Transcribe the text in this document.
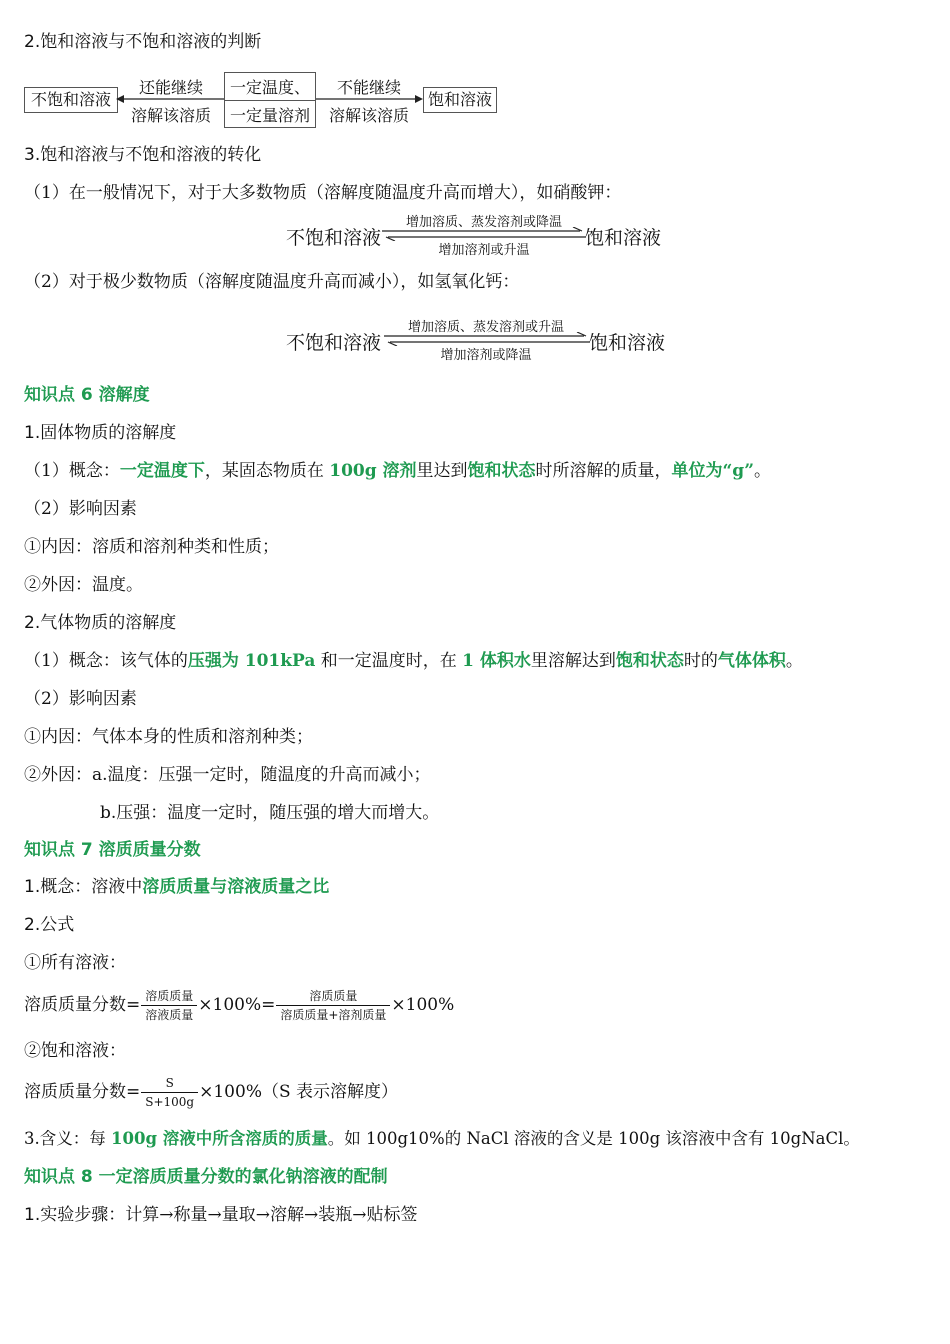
2.饱和溶液与不饱和溶液的判断
不饱和溶液
还能继续
溶解该溶质
一定温度、
一定量溶剂
不能继续
溶解该溶质
饱和溶液
3.饱和溶液与不饱和溶液的转化
（1）在一般情况下，对于大多数物质（溶解度随温度升高而增大），如硝酸钾：
不饱和溶液
增加溶质、蒸发溶剂或降温
增加溶剂或升温
饱和溶液
（2）对于极少数物质（溶解度随温度升高而减小），如氢氧化钙：
不饱和溶液
增加溶质、蒸发溶剂或升温
增加溶剂或降温
饱和溶液
知识点 6 溶解度
1.固体物质的溶解度
（1）概念：一定温度下，某固态物质在 100g 溶剂里达到饱和状态时所溶解的质量，单位为“g”。
（2）影响因素
①内因：溶质和溶剂种类和性质；
②外因：温度。
2.气体物质的溶解度
（1）概念：该气体的压强为 101kPa 和一定温度时，在 1 体积水里溶解达到饱和状态时的气体体积。
（2）影响因素
①内因：气体本身的性质和溶剂种类；
②外因：a.温度：压强一定时，随温度的升高而减小；
b.压强：温度一定时，随压强的增大而增大。
知识点 7 溶质质量分数
1.概念：溶液中溶质质量与溶液质量之比
2.公式
①所有溶液：
溶质质量分数= $\frac{\text{溶质质量}}{\text{溶液质量}} \times 100\%= \frac{\text{溶质质量}}{\text{溶质质量+溶剂质量}} \times 100\%$
②饱和溶液：
溶质质量分数= $\frac{S}{S+100g} \times 100\%(S$ 表示溶解度）
3.含义：每 100g 溶液中所含溶质的质量。如 100g10%的 NaCl 溶液的含义是 100g 该溶液中含有 10gNaCl。
知识点 8 一定溶质质量分数的氯化钠溶液的配制
1.实验步骤：计算→称量→量取→溶解→装瓶→贴标签
